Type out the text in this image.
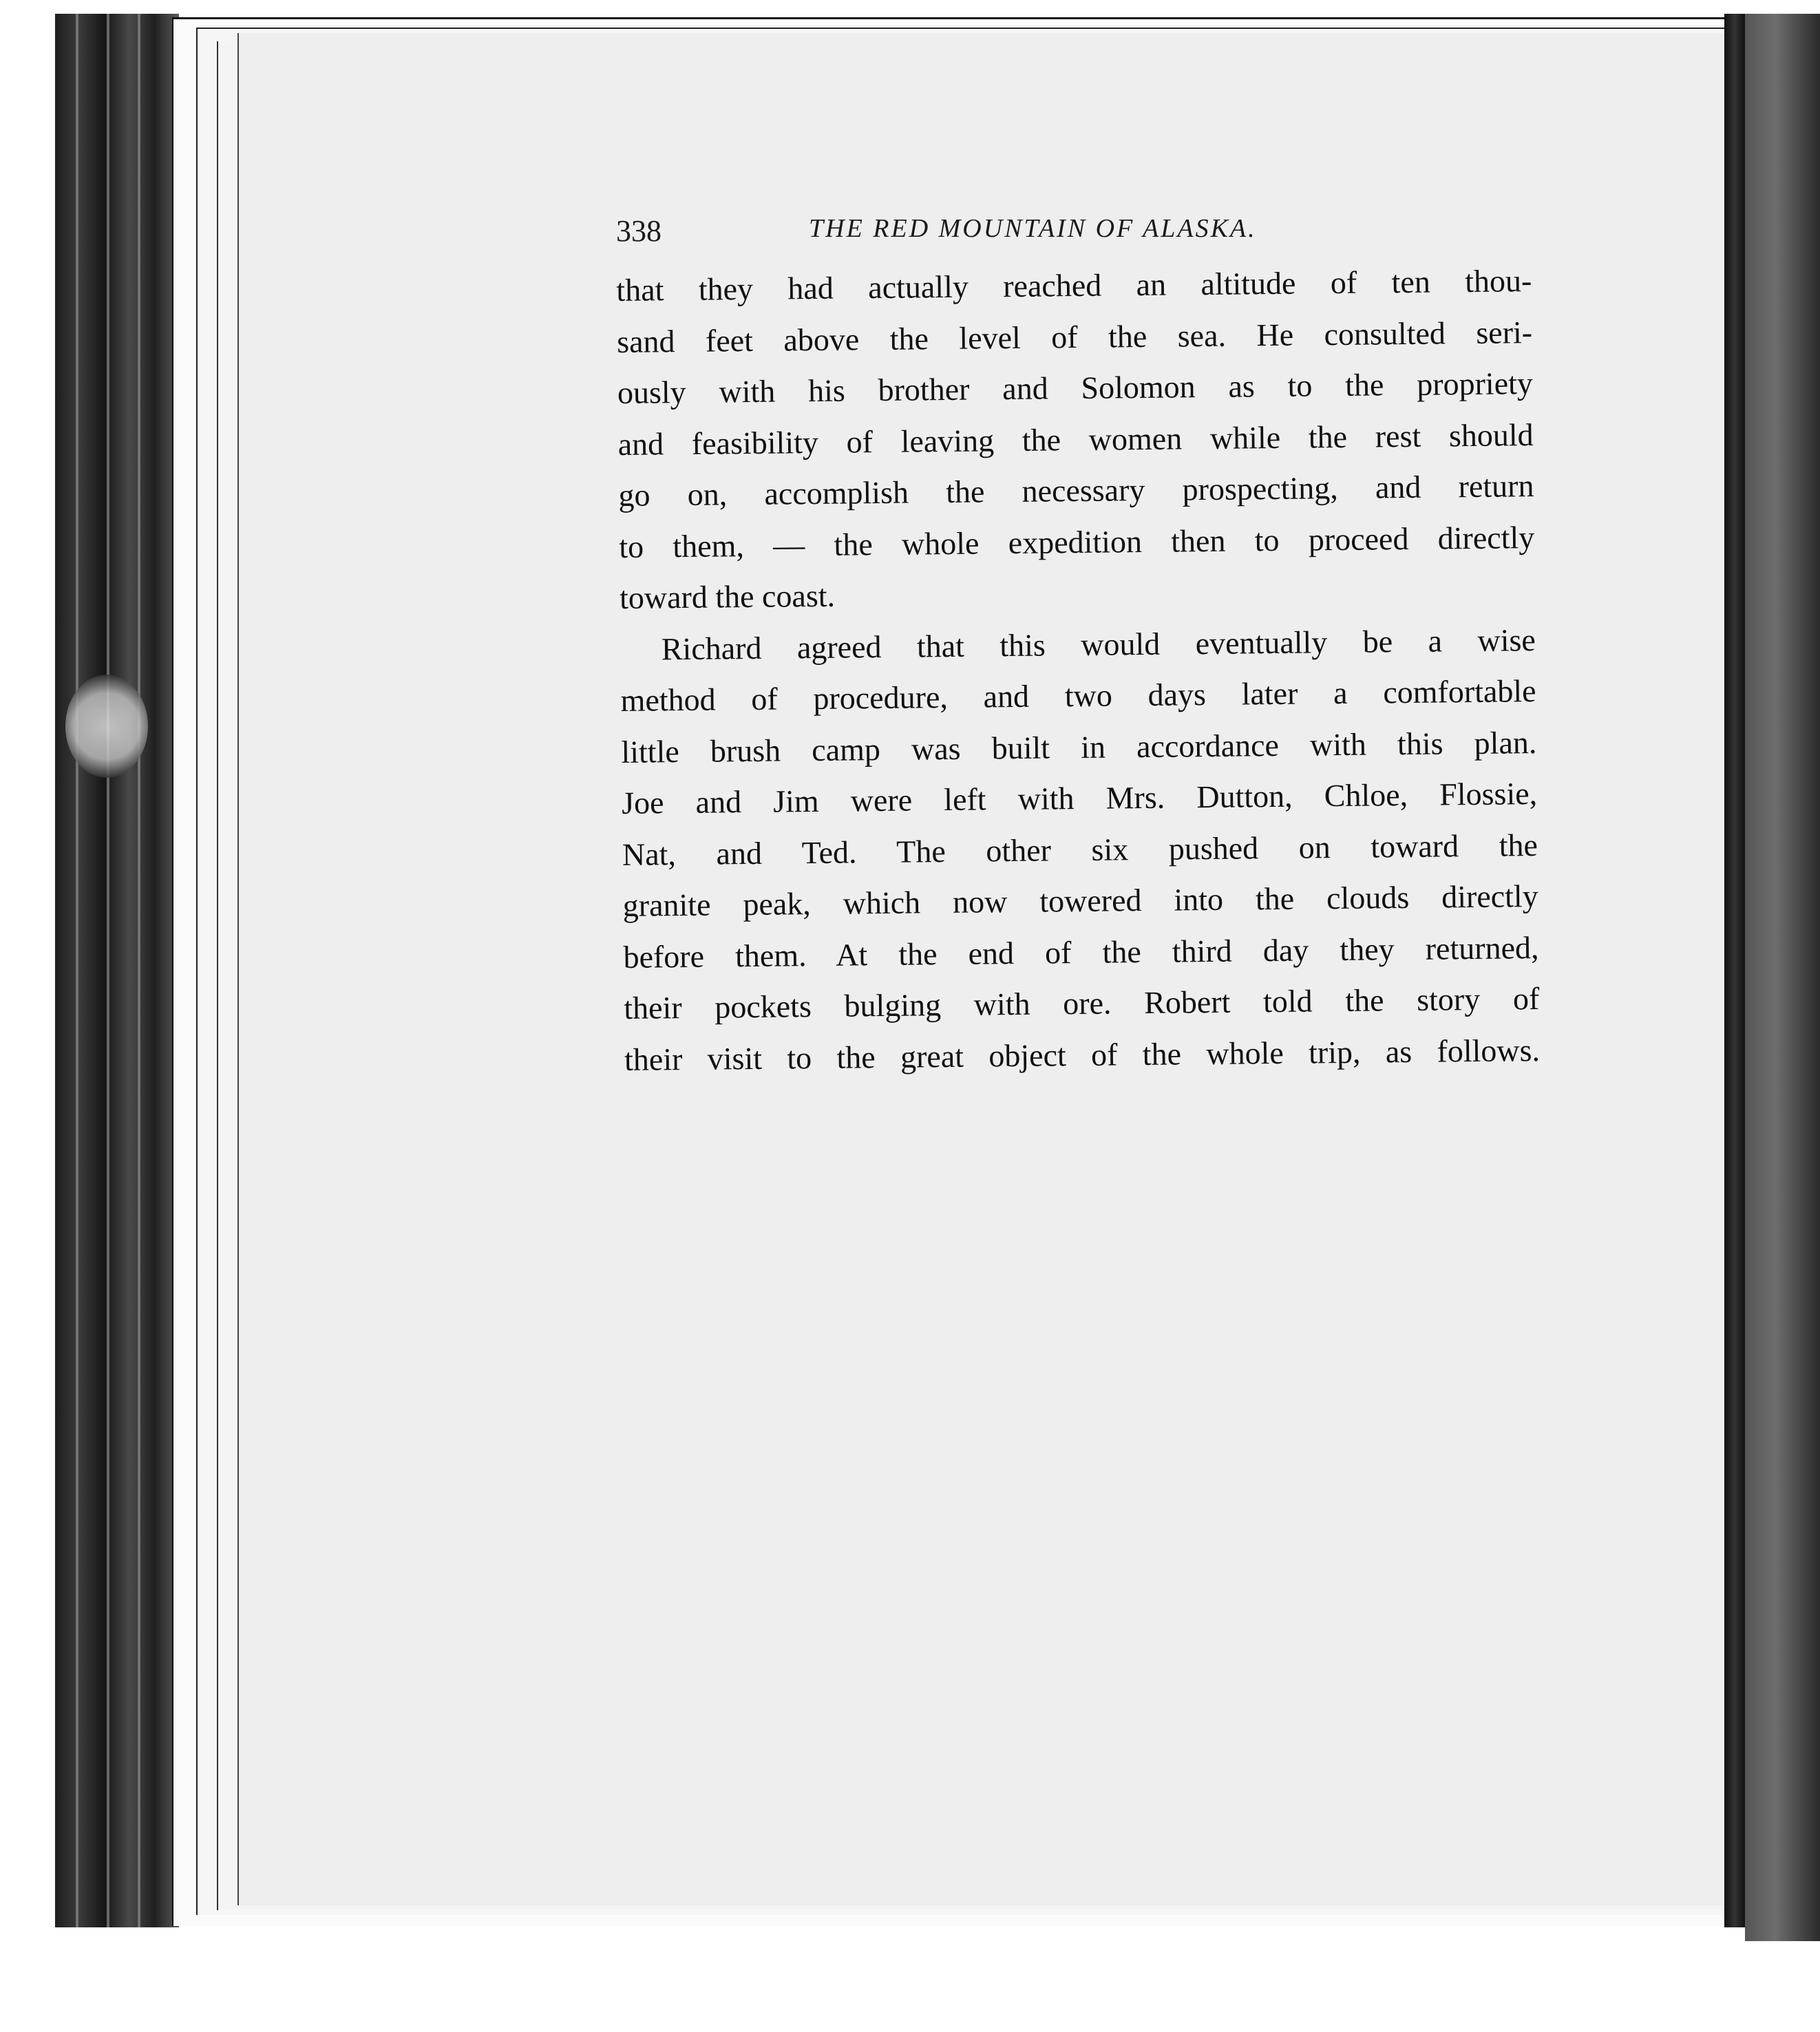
338	THE RED MOUNTAIN OF ALASKA.
that they had actually reached an altitude of ten thou-
sand feet above the level of the sea. He consulted seri-
ously with his brother and Solomon as to the propriety
and feasibility of leaving the women while the rest should
go on, accomplish the necessary prospecting, and return
to them, — the whole expedition then to proceed directly
toward the coast.
Richard agreed that this would eventually be a wise
method of procedure, and two days later a comfortable
little brush camp was built in accordance with this plan.
Joe and Jim were left with Mrs. Dutton, Chloe, Flossie,
Nat, and Ted. The other six pushed on toward the
granite peak, which now towered into the clouds directly
before them. At the end of the third day they returned,
their pockets bulging with ore. Robert told the story of
their visit to the great object of the whole trip, as follows.
